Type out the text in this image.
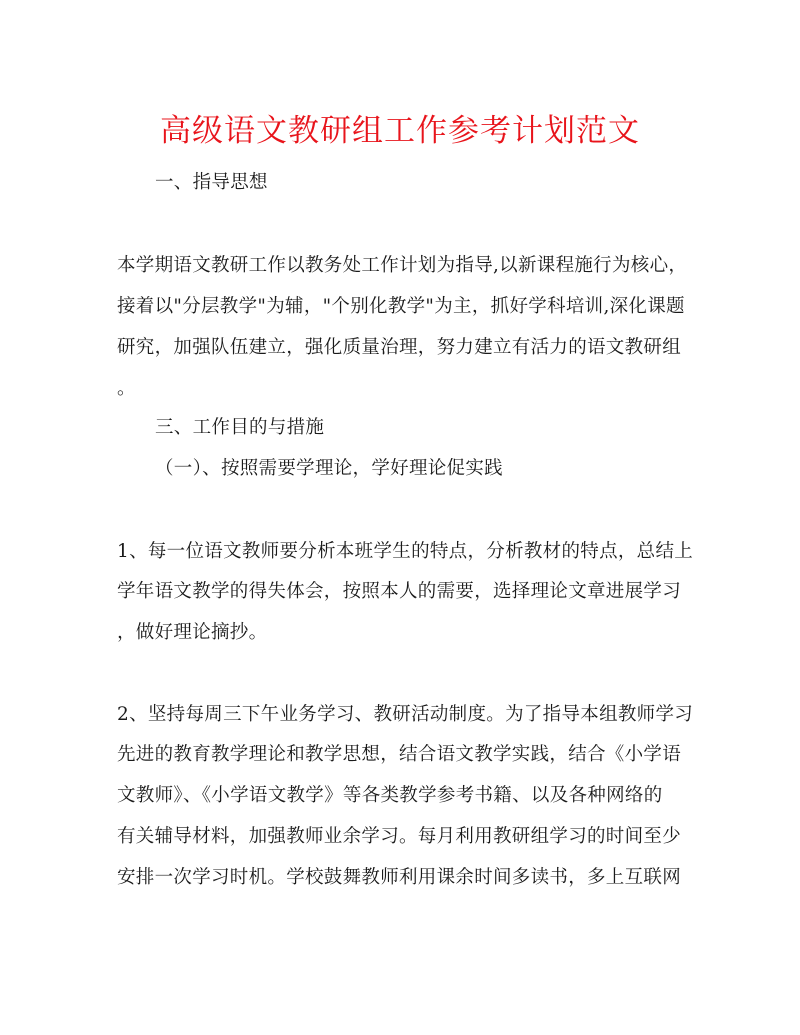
高级语文教研组工作参考计划范文
一、指导思想
本学期语文教研工作以教务处工作计划为指导,以新课程施行为核心，
接着以"分层教学"为辅，"个别化教学"为主，抓好学科培训,深化课题
研究，加强队伍建立，强化质量治理，努力建立有活力的语文教研组
。
三、工作目的与措施
（一）、按照需要学理论，学好理论促实践
1、每一位语文教师要分析本班学生的特点，分析教材的特点，总结上
学年语文教学的得失体会，按照本人的需要，选择理论文章进展学习
，做好理论摘抄。
2、坚持每周三下午业务学习、教研活动制度。为了指导本组教师学习
先进的教育教学理论和教学思想，结合语文教学实践，结合《小学语
文教师》、《小学语文教学》等各类教学参考书籍、以及各种网络的
有关辅导材料，加强教师业余学习。每月利用教研组学习的时间至少
安排一次学习时机。学校鼓舞教师利用课余时间多读书，多上互联网
